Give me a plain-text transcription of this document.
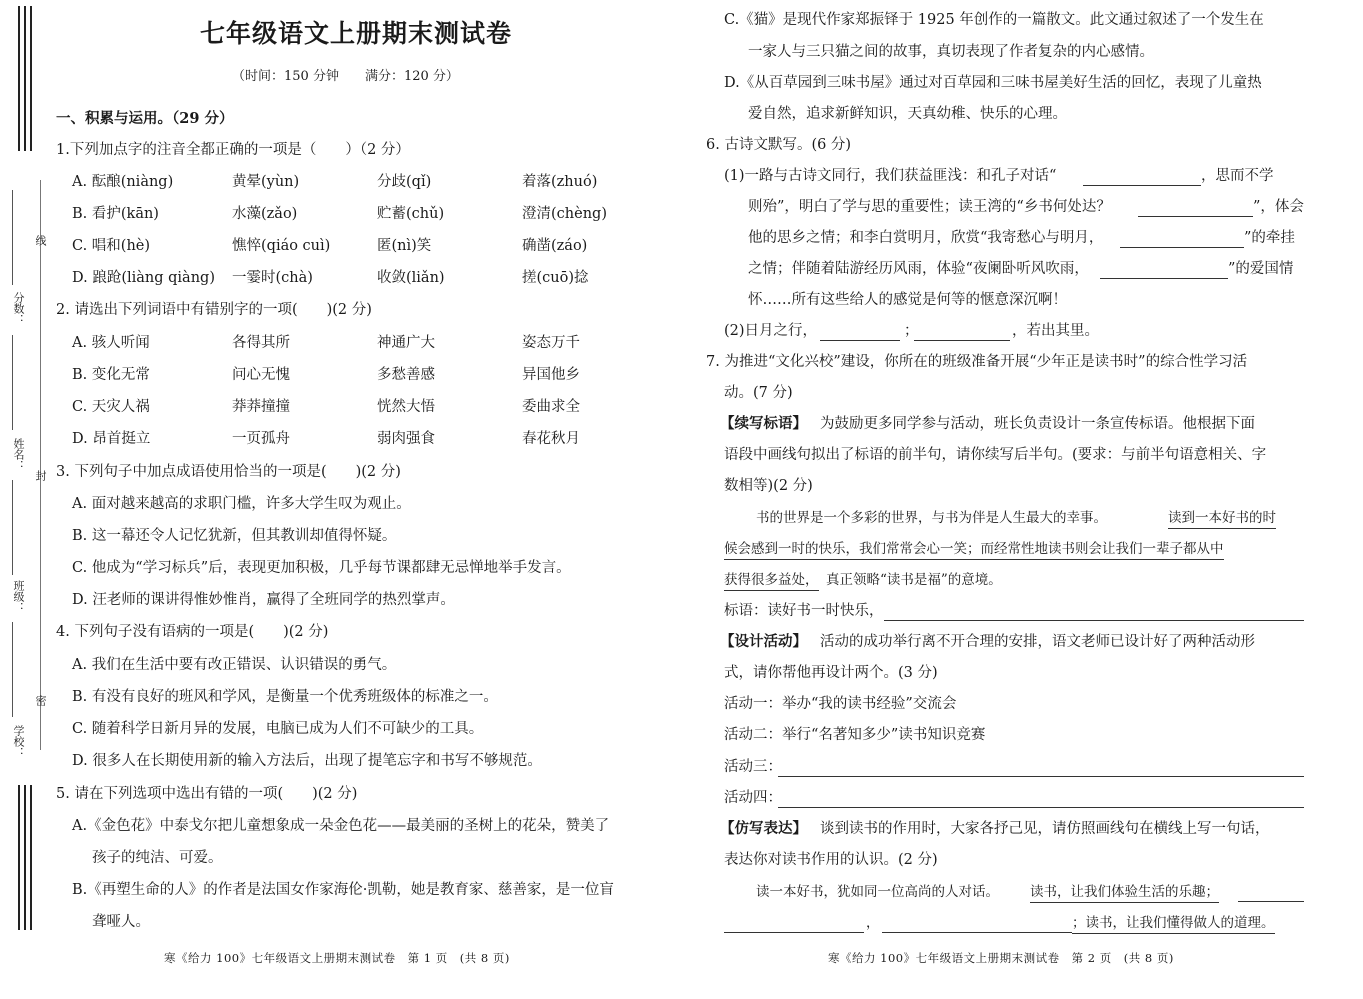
分数：
线
姓名：
封
班级：
学校：
密
七年级语文上册期末测试卷
（时间：150 分钟　　满分：120 分）
一、积累与运用。（29 分）
1.下列加点字的注音全都正确的一项是（　　）（2 分）
A. 酝酿(niàng)	黄晕(yùn)	分歧(qǐ)	着落(zhuó)
B. 看护(kān)	水藻(zǎo)	贮蓄(chǔ)	澄清(chèng)
C. 唱和(hè)	憔悴(qiáo cuì)	匿(nì)笑	确凿(záo)
D. 踉跄(liàng qiàng) 一霎时(chà)	收敛(liǎn)	搓(cuō)捻
2. 请选出下列词语中有错别字的一项(　　)(2 分)
A. 骇人听闻	各得其所	神通广大	姿态万千
B. 变化无常	问心无愧	多愁善感	异国他乡
C. 天灾人祸	莽莽撞撞	恍然大悟	委曲求全
D. 昂首挺立	一页孤舟	弱肉强食	春花秋月
3. 下列句子中加点成语使用恰当的一项是(　　)(2 分)
A. 面对越来越高的求职门槛，许多大学生叹为观止。
B. 这一幕还令人记忆犹新，但其教训却值得怀疑。
C. 他成为“学习标兵”后，表现更加积极，几乎每节课都肆无忌惮地举手发言。
D. 汪老师的课讲得惟妙惟肖，赢得了全班同学的热烈掌声。
4. 下列句子没有语病的一项是(　　)(2 分)
A. 我们在生活中要有改正错误、认识错误的勇气。
B. 有没有良好的班风和学风，是衡量一个优秀班级体的标准之一。
C. 随着科学日新月异的发展，电脑已成为人们不可缺少的工具。
D. 很多人在长期使用新的输入方法后，出现了提笔忘字和书写不够规范。
5. 请在下列选项中选出有错的一项(　　)(2 分)
A.《金色花》中泰戈尔把儿童想象成一朵金色花——最美丽的圣树上的花朵，赞美了
孩子的纯洁、可爱。
B.《再塑生命的人》的作者是法国女作家海伦·凯勒，她是教育家、慈善家，是一位盲
聋哑人。
寒《给力 100》七年级语文上册期末测试卷　第 1 页　(共 8 页)
C.《猫》是现代作家郑振铎于 1925 年创作的一篇散文。此文通过叙述了一个发生在
一家人与三只猫之间的故事，真切表现了作者复杂的内心感情。
D.《从百草园到三味书屋》通过对百草园和三味书屋美好生活的回忆，表现了儿童热
爱自然，追求新鲜知识，天真幼稚、快乐的心理。
6. 古诗文默写。(6 分)
(1)一路与古诗文同行，我们获益匪浅：和孔子对话“	，思而不学
则殆”，明白了学与思的重要性；读王湾的“乡书何处达？	”，体会
他的思乡之情；和李白赏明月，欣赏“我寄愁心与明月，	”的牵挂
之情；伴随着陆游经历风雨，体验“夜阑卧听风吹雨，	”的爱国情
怀……所有这些给人的感觉是何等的惬意深沉啊！
(2)日月之行，	；	，若出其里。
7. 为推进“文化兴校”建设，你所在的班级准备开展“少年正是读书时”的综合性学习活
动。(7 分)
【续写标语】 为鼓励更多同学参与活动，班长负责设计一条宣传标语。他根据下面
语段中画线句拟出了标语的前半句，请你续写后半句。(要求：与前半句语意相关、字
数相等)(2 分)
书的世界是一个多彩的世界，与书为伴是人生最大的幸事。	读到一本好书的时
候会感到一时的快乐，我们常常会心一笑；而经常性地读书则会让我们一辈子都从中
获得很多益处， 真正领略“读书是福”的意境。
标语：读好书一时快乐，
【设计活动】 活动的成功举行离不开合理的安排，语文老师已设计好了两种活动形
式，请你帮他再设计两个。(3 分)
活动一：举办“我的读书经验”交流会
活动二：举行“名著知多少”读书知识竞赛
活动三：
活动四：
【仿写表达】 谈到读书的作用时，大家各抒己见，请仿照画线句在横线上写一句话，
表达你对读书作用的认识。(2 分)
读一本好书，犹如同一位高尚的人对话。 读书，让我们体验生活的乐趣；
，	；读书，让我们懂得做人的道理。
寒《给力 100》七年级语文上册期末测试卷　第 2 页　(共 8 页)
